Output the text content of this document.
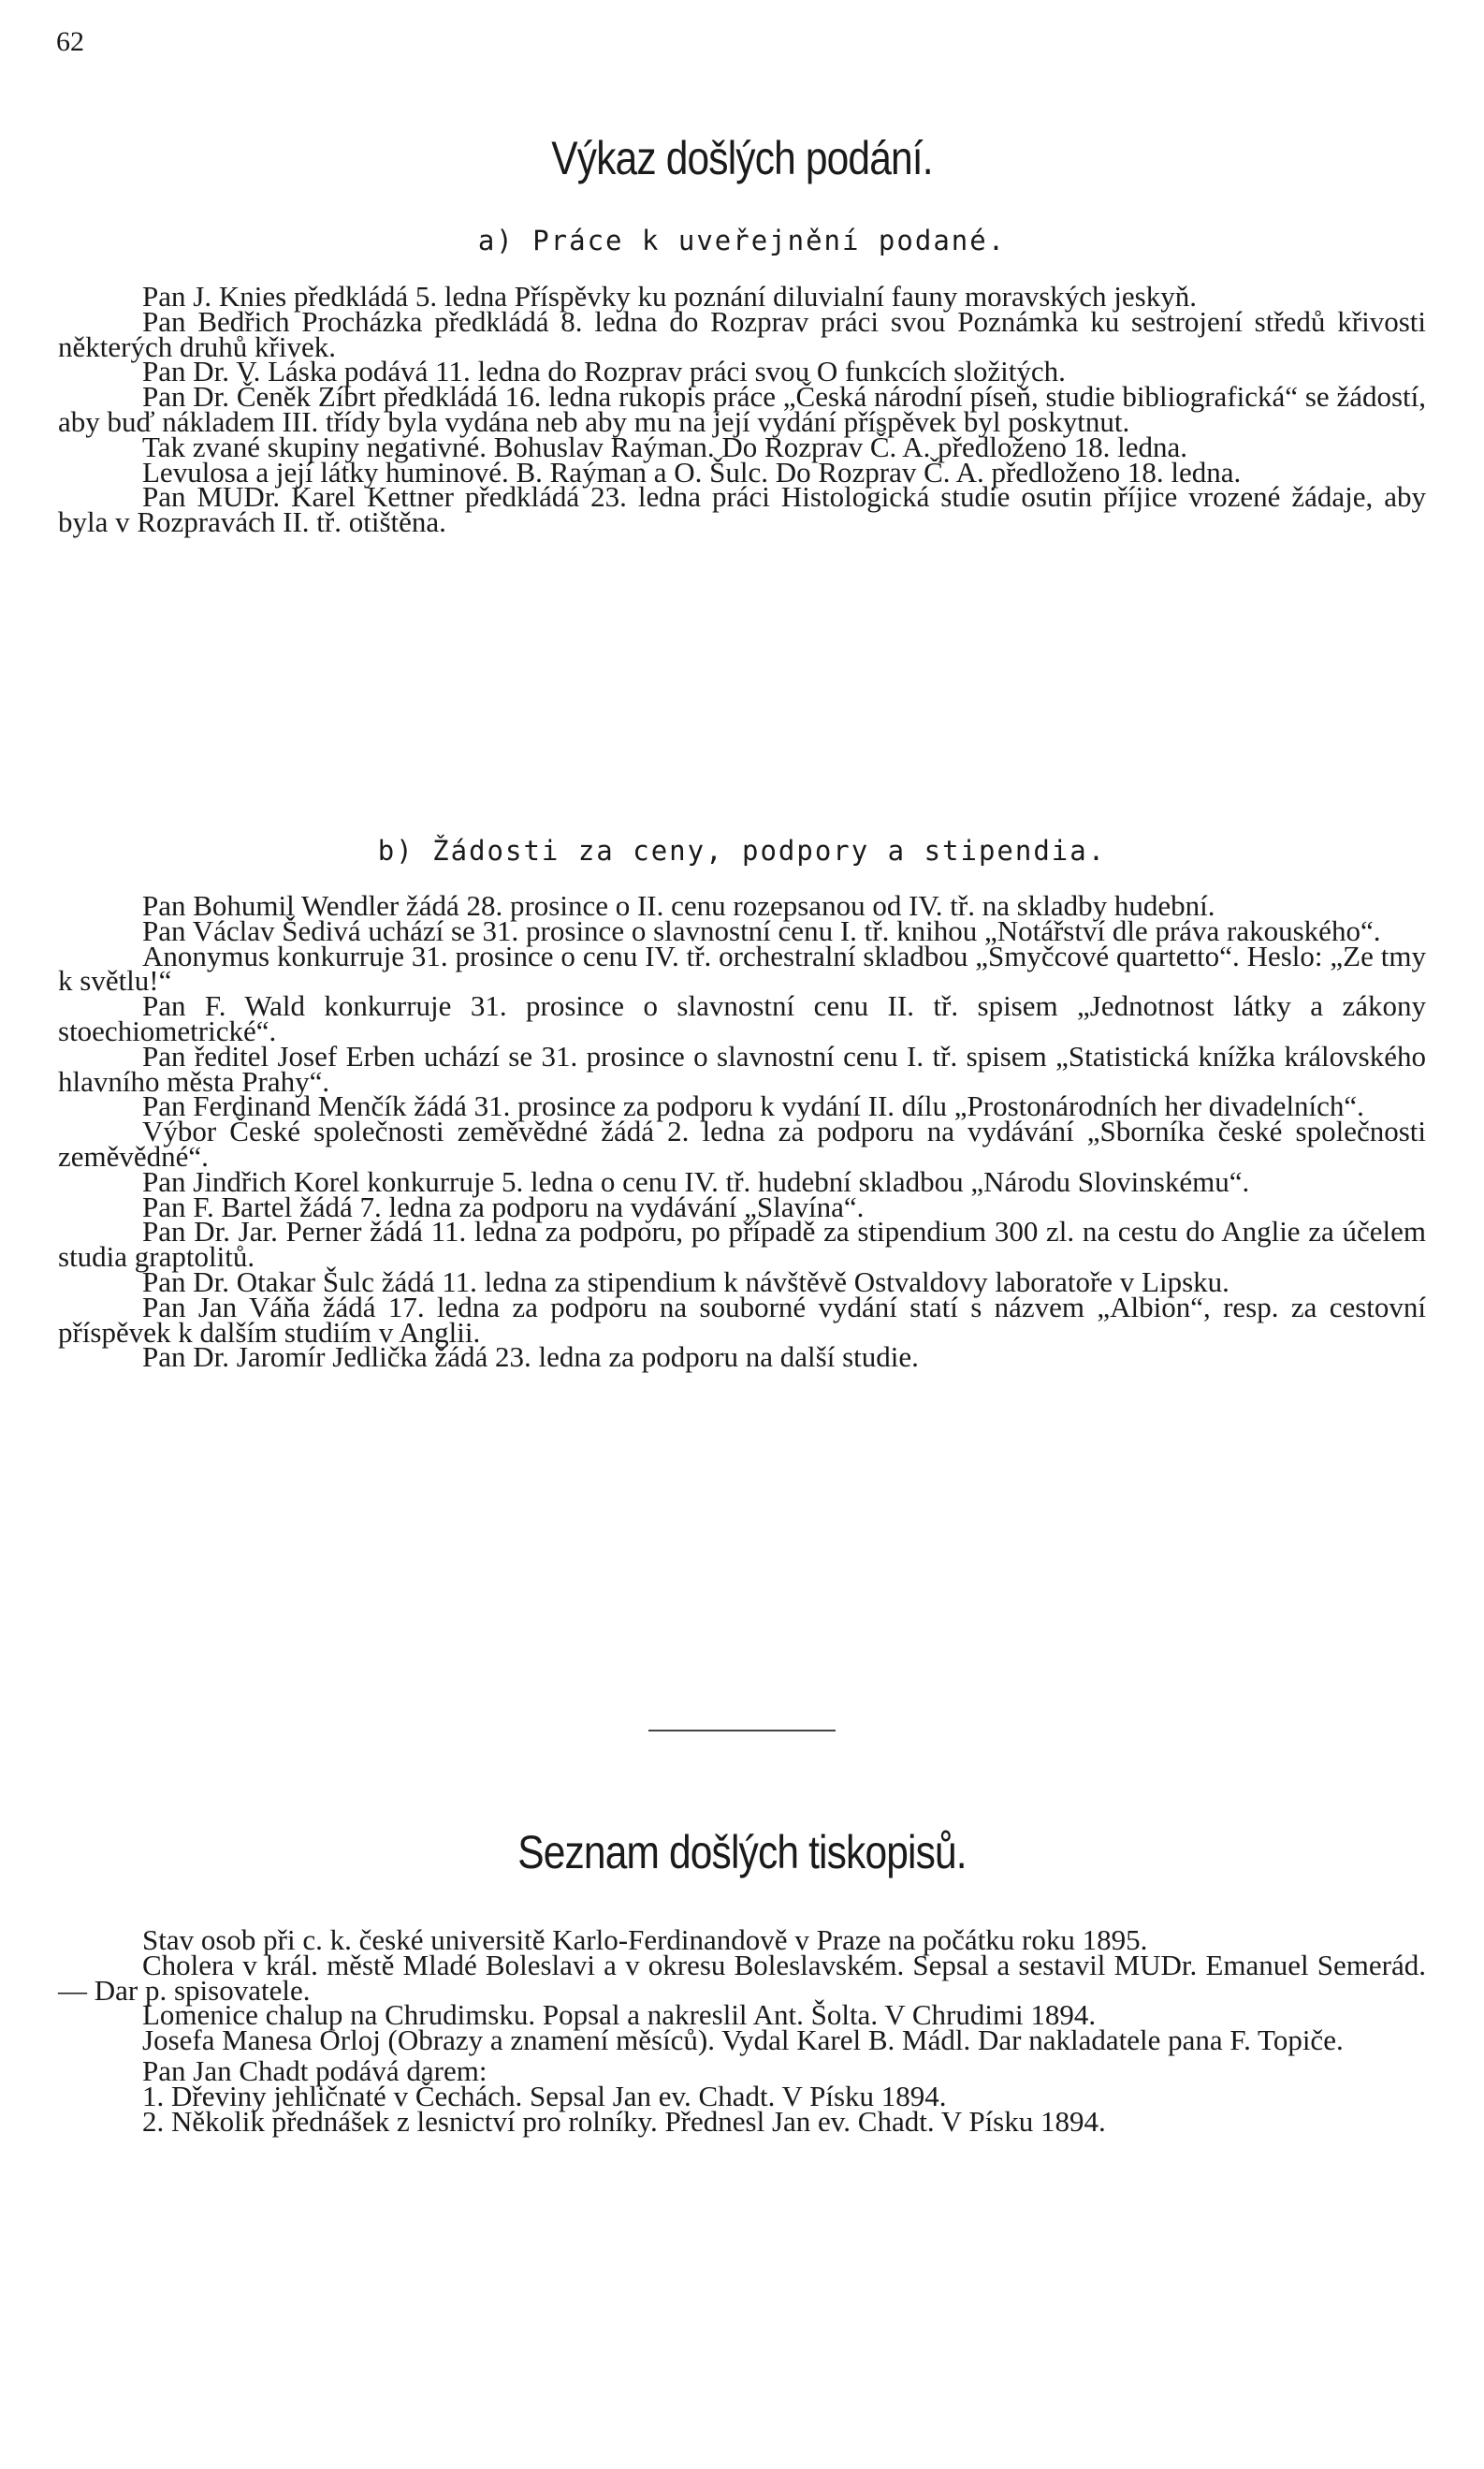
62
Výkaz došlých podání.
a) Práce k uveřejnění podané.

Pan J. Knies předkládá 5. ledna Příspěvky ku poznání diluvialní fauny moravských jeskyň.

Pan Bedřich Procházka předkládá 8. ledna do Rozprav práci svou Poznámka ku sestrojení středů křivosti některých druhů křivek.

Pan Dr. V. Láska podává 11. ledna do Rozprav práci svou O funkcích složitých.

Pan Dr. Čeněk Zíbrt předkládá 16. ledna rukopis práce „Česká národní píseň, studie bibliografická“ se žádostí, aby buď nákladem III. třídy byla vydána neb aby mu na její vydání příspěvek byl poskytnut.

Tak zvané skupiny negativné. Bohuslav Raýman. Do Rozprav Č. A. předloženo 18. ledna.

Levulosa a její látky huminové. B. Raýman a O. Šulc. Do Rozprav Č. A. předloženo 18. ledna.

Pan MUDr. Karel Kettner předkládá 23. ledna práci Histologická studie osutin příjice vrozené žádaje, aby byla v Rozpravách II. tř. otištěna.

b) Žádosti za ceny, podpory a stipendia.

Pan Bohumil Wendler žádá 28. prosince o II. cenu rozepsanou od IV. tř. na skladby hudební.

Pan Václav Šedivá uchází se 31. prosince o slavnostní cenu I. tř. knihou „Notářství dle práva rakouského“.

Anonymus konkurruje 31. prosince o cenu IV. tř. orchestralní skladbou „Smyčcové quartetto“. Heslo: „Ze tmy k světlu!“

Pan F. Wald konkurruje 31. prosince o slavnostní cenu II. tř. spisem „Jednotnost látky a zákony stoechiometrické“.

Pan ředitel Josef Erben uchází se 31. prosince o slavnostní cenu I. tř. spisem „Statistická knížka královského hlavního města Prahy“.

Pan Ferdinand Menčík žádá 31. prosince za podporu k vydání II. dílu „Prostonárodních her divadelních“.

Výbor České společnosti zeměvědné žádá 2. ledna za podporu na vydávání „Sborníka české společnosti zeměvědné“.

Pan Jindřich Korel konkurruje 5. ledna o cenu IV. tř. hudební skladbou „Národu Slovinskému“.

Pan F. Bartel žádá 7. ledna za podporu na vydávání „Slavína“.

Pan Dr. Jar. Perner žádá 11. ledna za podporu, po případě za stipendium 300 zl. na cestu do Anglie za účelem studia graptolitů.

Pan Dr. Otakar Šulc žádá 11. ledna za stipendium k návštěvě Ostvaldovy laboratoře v Lipsku.

Pan Jan Váňa žádá 17. ledna za podporu na souborné vydání statí s názvem „Albion“, resp. za cestovní příspěvek k dalším studiím v Anglii.

Pan Dr. Jaromír Jedlička žádá 23. ledna za podporu na další studie.

Seznam došlých tiskopisů.

Stav osob při c. k. české universitě Karlo-Ferdinandově v Praze na počátku roku 1895.

Cholera v král. městě Mladé Boleslavi a v okresu Boleslavském. Sepsal a sestavil MUDr. Emanuel Semerád. — Dar p. spisovatele.

Lomenice chalup na Chrudimsku. Popsal a nakreslil Ant. Šolta. V Chrudimi 1894.

Josefa Manesa Orloj (Obrazy a znamení měsíců). Vydal Karel B. Mádl. Dar nakladatele pana F. Topiče.

Pan Jan Chadt podává darem:

1. Dřeviny jehličnaté v Čechách. Sepsal Jan ev. Chadt. V Písku 1894.

2. Několik přednášek z lesnictví pro rolníky. Přednesl Jan ev. Chadt. V Písku 1894.
